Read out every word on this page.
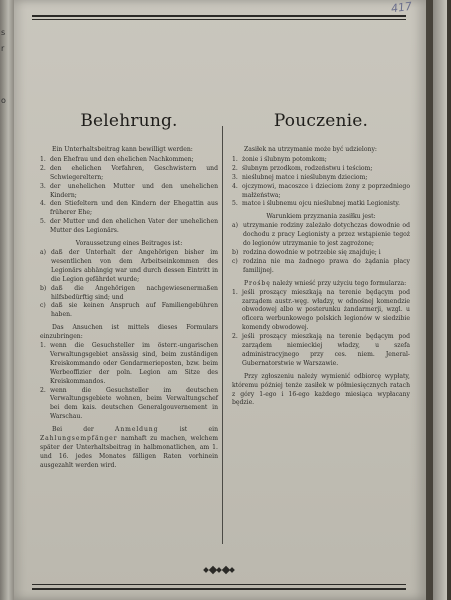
s
r
o
417
Belehrung.

Ein Unterhaltsbeitrag kann bewilligt werden:

1. den Ehefrau und den ehelichen Nachkommen;
2. den ehelichen Vorfahren, Geschwistern und Schwiegereltern;
3. der unehelichen Mutter und den unehelichen Kindern;
4. den Stiefeltern und den Kindern der Ehegattin aus früherer Ehe;
5. der Mutter und den ehelichen Vater der unehelichen Mutter des Legionärs.

Voraussetzung eines Beitrages ist:

a) daß der Unterhalt der Angehörigen bisher im wesentlichen von dem Arbeitseinkommen des Legionärs abhängig war und durch dessen Eintritt in die Legion gefährdet wurde;
b) daß die Angehörigen nachgewiesenermaßen hilfsbedürftig sind; und
c) daß sie keinen Anspruch auf Familiengebühren haben.

Das Ansuchen ist mittels dieses Formulars einzubringen:

1. wenn die Gesuchsteller im österr.-ungarischen Verwaltungsgebiet ansässig sind, beim zuständigen Kreiskommando oder Gendarmerieposten, bzw. beim Werbeoffizier der poln. Legion am Sitze des Kreiskommandos.
2. wenn die Gesuchsteller im deutschen Verwaltungsgebiete wohnen, beim Verwaltungschef bei dem kais. deutschen Generalgouvernement in Warschau.

Bei der Anmeldung ist ein Zahlungsempfänger namhaft zu machen, welchem später der Unterhaltsbeitrag in halbmonatlichen, am 1. und 16. jedes Monates fälligen Raten vorhinein ausgezahlt werden wird.

Pouczenie.

Zasiłek na utrzymanie może być udzielony:

1. żonie i ślubnym potomkom;
2. ślubnym przodkom, rodzeństwu i teściom;
3. nieślubnej matce i nieślubnym dzieciom;
4. ojczymowi, macoszce i dzieciom żony z poprzedniego małżeństwa;
5. matce i ślubnemu ojcu nieślubnej matki Legionisty.

Warunkiem przyznania zasiłku jest:

a) utrzymanie rodziny zależało dotychczas dowodnie od dochodu z pracy Legionisty a przez wstąpienie tegoż do legionów utrzymanie to jest zagrożone;
b) rodzina dowodnie w potrzebie się znajduje; i
c) rodzina nie ma żadnego prawa do żądania płacy familijnej.

Prośbę należy wnieść przy użyciu tego formularza:

1. jeśli proszący mieszkają na terenie będącym pod zarządem austr.-węg. władzy, w odnośnej komendzie obwodowej albo w posterunku żandarmerji, wzgl. u oficera werbunkowego polskich legionów w siedzibie komendy obwodowej.
2. jeśli proszący mieszkają na terenie będącym pod zarządem niemieckiej władzy, u szefa administracyjnego przy ces. niem. Jeneral-Gubernatorstwie w Warszawie.

Przy zgłoszeniu należy wymienić odbiorcę wypłaty, któremu później tenże zasiłek w półmiesięcznych ratach z góry 1-ego i 16-ego każdego miesiąca wypłacany będzie.
